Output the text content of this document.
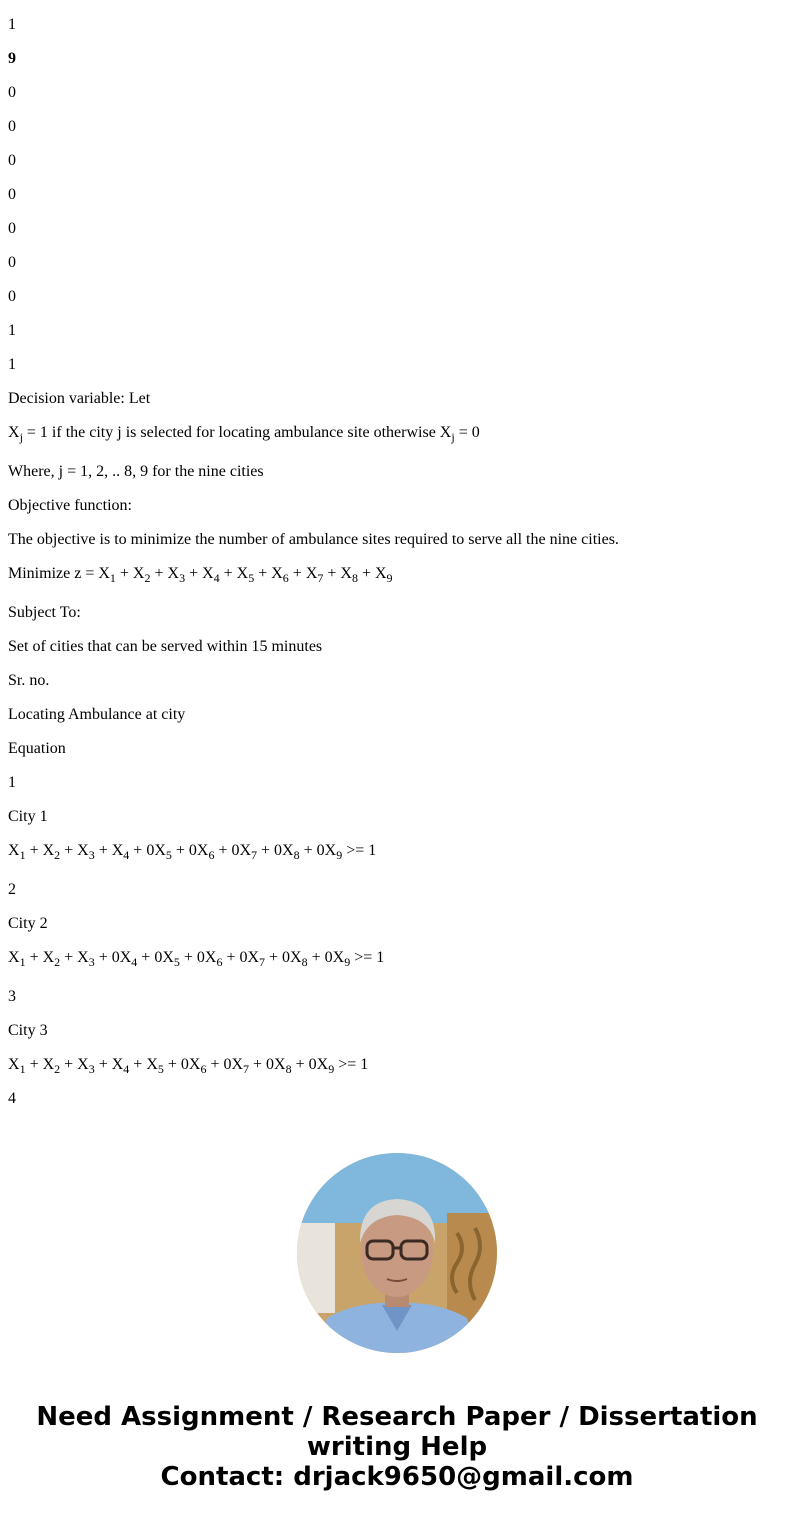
1

9

0

0

0

0

0

0

0

1

1

Decision variable: Let

$X_j = 1$ if the city j is selected for locating ambulance site otherwise $X_j = 0$

Where, j = 1, 2, .. 8, 9 for the nine cities

Objective function:

The objective is to minimize the number of ambulance sites required to serve all the nine cities.

Minimize $z = X_1 + X_2 + X_3 + X_4 + X_5 + X_6 + X_7 + X_8 + X_9$

Subject To:

Set of cities that can be served within 15 minutes

Sr. no.

Locating Ambulance at city

Equation

1

City 1

$X_1 + X_2 + X_3 + X_4 + 0X_5 + 0X_6 + 0X_7 + 0X_8 + 0X_9 >= 1$

2

City 2

$X_1 + X_2 + X_3 + 0X_4 + 0X_5 + 0X_6 + 0X_7 + 0X_8 + 0X_9 >= 1$

3

City 3

$X_1 + X_2 + X_3 + X_4 + X_5 + 0X_6 + 0X_7 + 0X_8 + 0X_9 >= 1$

4

Need Assignment / Research Paper / Dissertation
writing Help
Contact: drjack9650@gmail.com
